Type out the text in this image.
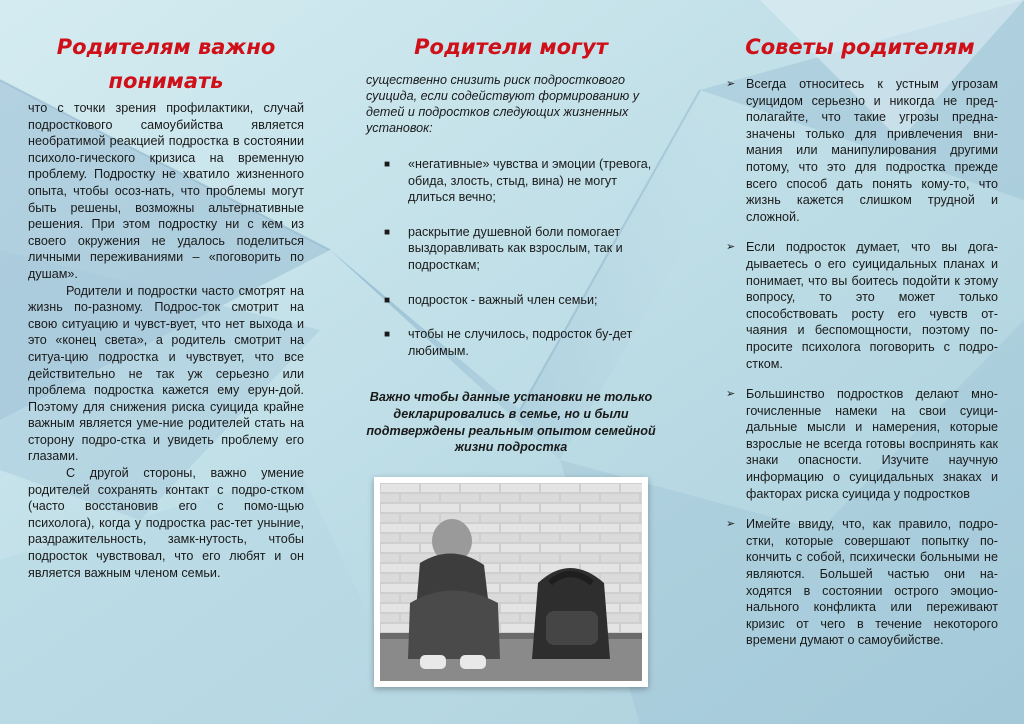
Родителям важно понимать

что с точки зрения профилактики, случай подросткового самоубийства является необратимой реакцией подростка в состоянии психоло-гического кризиса на временную проблему. Подростку не хватило жизненного опыта, чтобы осоз-нать, что проблемы могут быть решены, возможны альтернативные решения. При этом подростку ни с кем из своего окружения не удалось поделиться личными переживаниями – «поговорить по душам».

Родители и подростки часто смотрят на жизнь по-разному. Подрос-ток смотрит на свою ситуацию и чувст-вует, что нет выхода и это «конец света», а родитель смотрит на ситуа-цию подростка и чувствует, что все действительно не так уж серьезно или проблема подростка кажется ему ерун-дой. Поэтому для снижения риска суицида крайне важным является уме-ние родителей стать на сторону подро-стка и увидеть проблему его глазами.

С другой стороны, важно умение родителей сохранять контакт с подро-стком (часто восстановив его с помо-щью психолога), когда у подростка рас-тет уныние, раздражительность, замк-нутость, чтобы подросток чувствовал, что его любят и он является важным членом семьи.

Родители могут

существенно снизить риск подросткового суицида, если содействуют формированию у детей и подростков следующих жизненных установок:

■ «негативные» чувства и эмоции (тревога, обида, злость, стыд, вина) не могут длиться вечно;
■ раскрытие душевной боли помогает выздоравливать как взрослым, так и подросткам;
■ подросток - важный член семьи;
■ чтобы не случилось, подросток бу-дет любимым.

Важно чтобы данные установки не только декларировались в семье, но и были подтверждены реальным опытом семейной жизни подростка

Советы родителям
➢ Всегда относитесь к устным угрозам суицидом серьезно и никогда не пред-полагайте, что такие угрозы предна-значены только для привлечения вни-мания или манипулирования другими потому, что это для подростка прежде всего способ дать понять кому-то, что жизнь кажется слишком трудной и сложной.
➢ Если подросток думает, что вы дога-дываетесь о его суицидальных планах и понимает, что вы боитесь подойти к этому вопросу, то это может только способствовать росту его чувств от-чаяния и беспомощности, поэтому по-просите психолога поговорить с подро-стком.
➢ Большинство подростков делают мно-гочисленные намеки на свои суици-дальные мысли и намерения, которые взрослые не всегда готовы воспринять как знаки опасности. Изучите научную информацию о суицидальных знаках и факторах риска суицида у подростков
➢ Имейте ввиду, что, как правило, подро-стки, которые совершают попытку по-кончить с собой, психически больными не являются. Большей частью они на-ходятся в состоянии острого эмоцио-нального конфликта или переживают кризис от чего в течение некоторого времени думают о самоубийстве.
